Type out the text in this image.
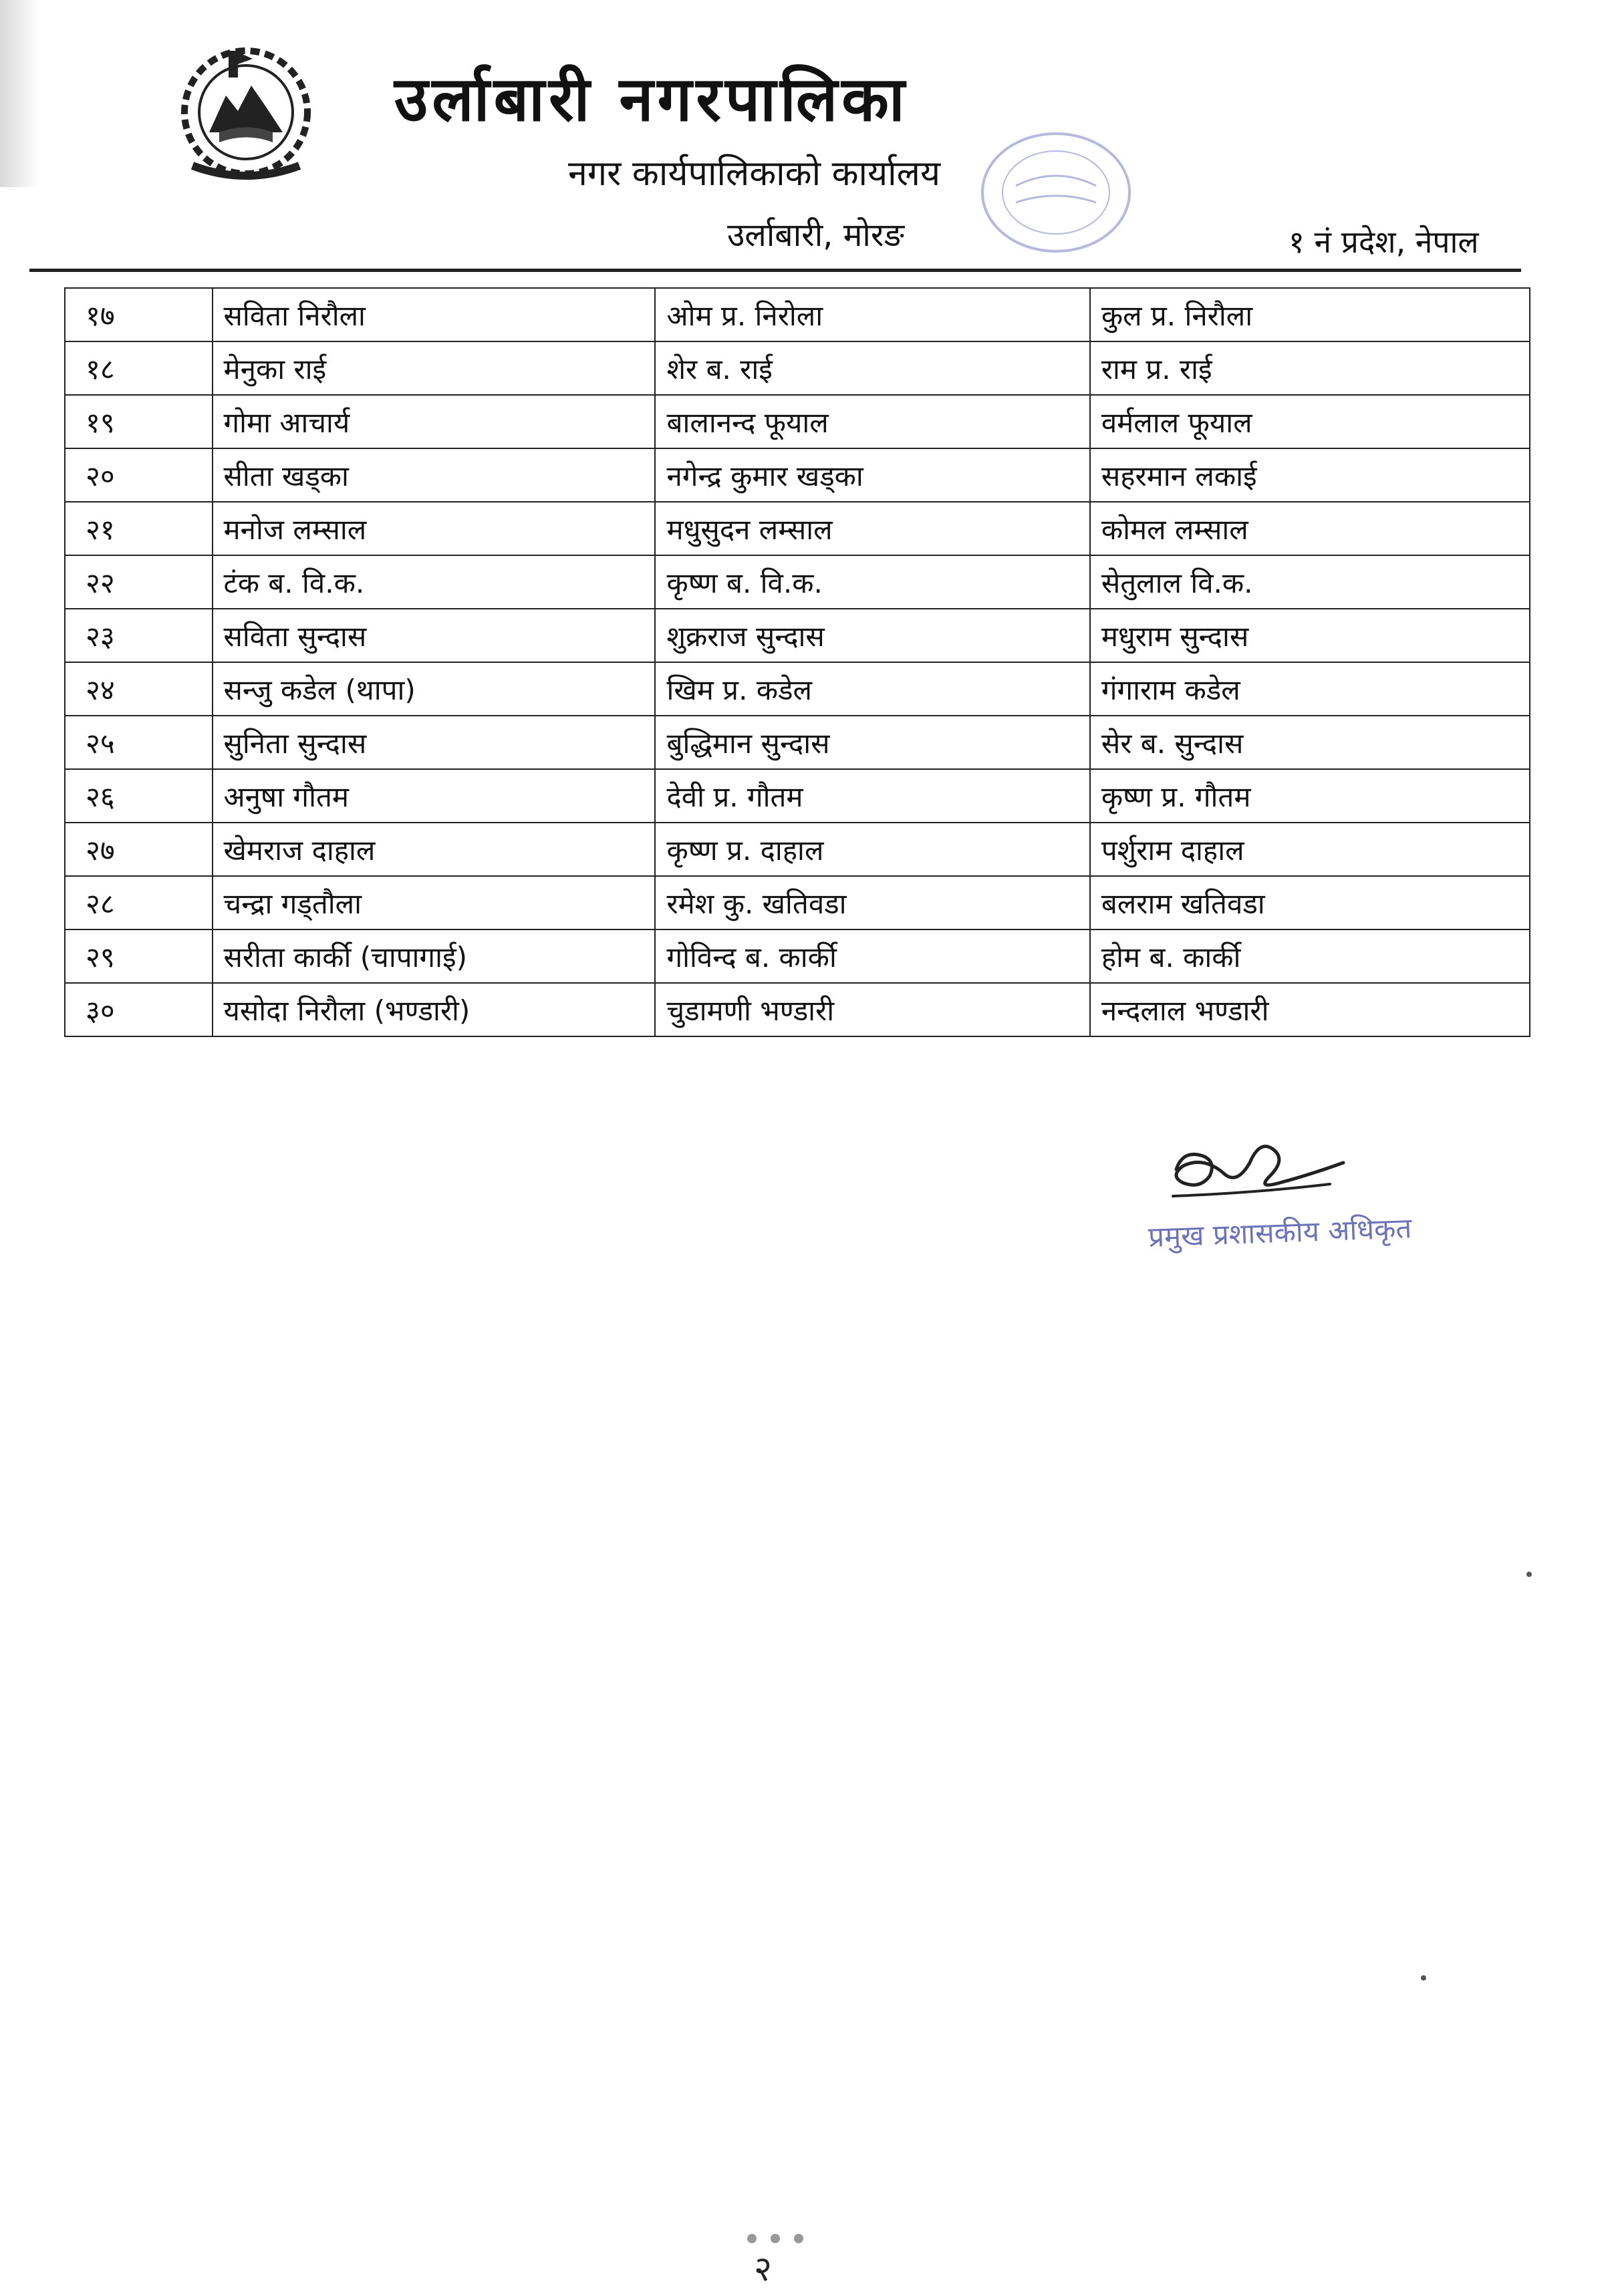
उर्लाबारी नगरपालिका
नगर कार्यपालिकाको कार्यालय
उर्लाबारी, मोरङ	१ नं प्रदेश, नेपाल
१७	सविता निरौला	ओम प्र. निरोला	कुल प्र. निरौला
१८	मेनुका राई	शेर ब. राई	राम प्र. राई
१९	गोमा आचार्य	बालानन्द फूयाल	वर्मलाल फूयाल
२०	सीता खड्का	नगेन्द्र कुमार खड्का	सहरमान लकाई
२१	मनोज लम्साल	मधुसुदन लम्साल	कोमल लम्साल
२२	टंक ब. वि.क.	कृष्ण ब. वि.क.	सेतुलाल वि.क.
२३	सविता सुन्दास	शुक्रराज सुन्दास	मधुराम सुन्दास
२४	सन्जु कडेल (थापा)	खिम प्र. कडेल	गंगाराम कडेल
२५	सुनिता सुन्दास	बुद्धिमान सुन्दास	सेर ब. सुन्दास
२६	अनुषा गौतम	देवी प्र. गौतम	कृष्ण प्र. गौतम
२७	खेमराज दाहाल	कृष्ण प्र. दाहाल	पर्शुराम दाहाल
२८	चन्द्रा गड्तौला	रमेश कु. खतिवडा	बलराम खतिवडा
२९	सरीता कार्की (चापागाई)	गोविन्द ब. कार्की	होम ब. कार्की
३०	यसोदा निरौला (भण्डारी)	चुडामणी भण्डारी	नन्दलाल भण्डारी
प्रमुख प्रशासकीय अधिकृत
२
